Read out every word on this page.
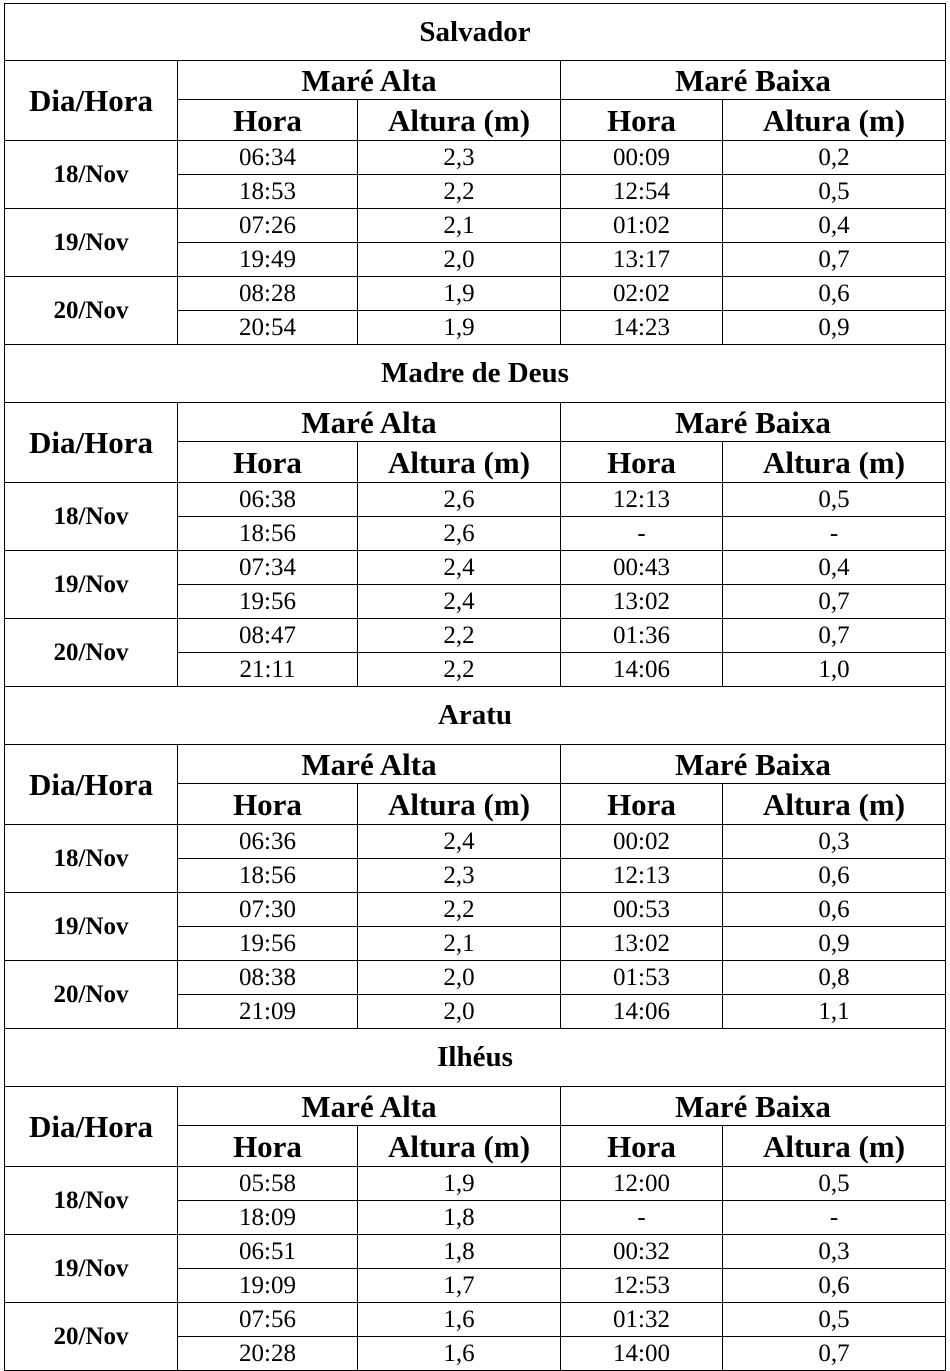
Salvador				
Dia/Hora	Maré Alta		Maré Baixa	
	Hora	Altura (m)	Hora	Altura (m)
18/Nov	06:34	2,3	00:09	0,2
	18:53	2,2	12:54	0,5
19/Nov	07:26	2,1	01:02	0,4
	19:49	2,0	13:17	0,7
20/Nov	08:28	1,9	02:02	0,6
	20:54	1,9	14:23	0,9
Madre de Deus				
Dia/Hora	Maré Alta		Maré Baixa	
	Hora	Altura (m)	Hora	Altura (m)
18/Nov	06:38	2,6	12:13	0,5
	18:56	2,6	-	-
19/Nov	07:34	2,4	00:43	0,4
	19:56	2,4	13:02	0,7
20/Nov	08:47	2,2	01:36	0,7
	21:11	2,2	14:06	1,0
Aratu				
Dia/Hora	Maré Alta		Maré Baixa	
	Hora	Altura (m)	Hora	Altura (m)
18/Nov	06:36	2,4	00:02	0,3
	18:56	2,3	12:13	0,6
19/Nov	07:30	2,2	00:53	0,6
	19:56	2,1	13:02	0,9
20/Nov	08:38	2,0	01:53	0,8
	21:09	2,0	14:06	1,1
Ilhéus				
Dia/Hora	Maré Alta		Maré Baixa	
	Hora	Altura (m)	Hora	Altura (m)
18/Nov	05:58	1,9	12:00	0,5
	18:09	1,8	-	-
19/Nov	06:51	1,8	00:32	0,3
	19:09	1,7	12:53	0,6
20/Nov	07:56	1,6	01:32	0,5
	20:28	1,6	14:00	0,7
